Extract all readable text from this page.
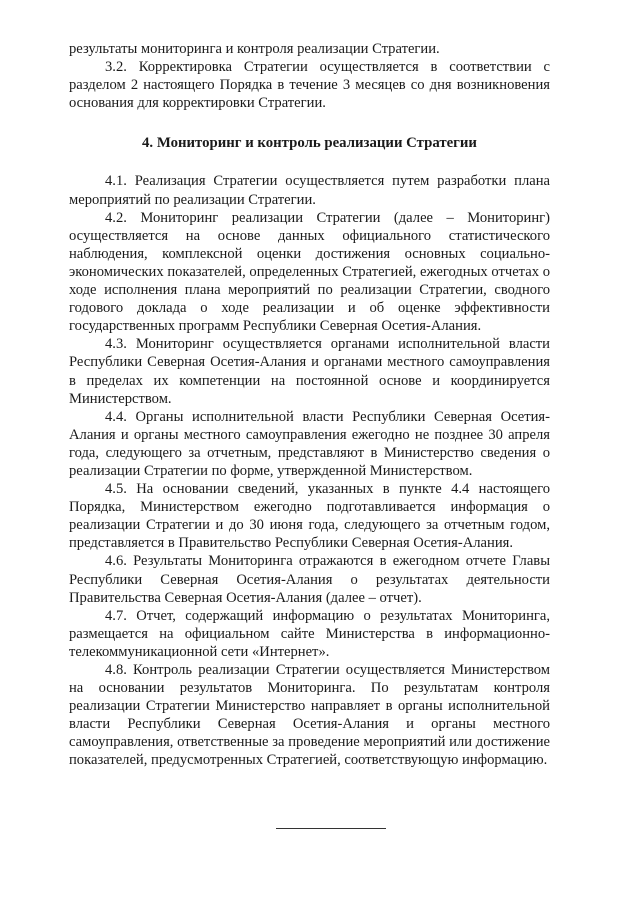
результаты мониторинга и контроля реализации Стратегии.

3.2. Корректировка Стратегии осуществляется в соответствии с разделом 2 настоящего Порядка в течение 3 месяцев со дня возникновения основания для корректировки Стратегии.

4. Мониторинг и контроль реализации Стратегии

4.1. Реализация Стратегии осуществляется путем разработки плана мероприятий по реализации Стратегии.

4.2. Мониторинг реализации Стратегии (далее – Мониторинг) осуществляется на основе данных официального статистического наблюдения, комплексной оценки достижения основных социально-экономических показателей, определенных Стратегией, ежегодных отчетах о ходе исполнения плана мероприятий по реализации Стратегии, сводного годового доклада о ходе реализации и об оценке эффективности государственных программ Республики Северная Осетия-Алания.

4.3. Мониторинг осуществляется органами исполнительной власти Республики Северная Осетия-Алания и органами местного самоуправления в пределах их компетенции на постоянной основе и координируется Министерством.

4.4. Органы исполнительной власти Республики Северная Осетия-Алания и органы местного самоуправления ежегодно не позднее 30 апреля года, следующего за отчетным, представляют в Министерство сведения о реализации Стратегии по форме, утвержденной Министерством.

4.5. На основании сведений, указанных в пункте 4.4 настоящего Порядка, Министерством ежегодно подготавливается информация о реализации Стратегии и до 30 июня года, следующего за отчетным годом, представляется в Правительство Республики Северная Осетия-Алания.

4.6. Результаты Мониторинга отражаются в ежегодном отчете Главы Республики Северная Осетия-Алания о результатах деятельности Правительства Северная Осетия-Алания (далее – отчет).

4.7. Отчет, содержащий информацию о результатах Мониторинга, размещается на официальном сайте Министерства в информационно-телекоммуникационной сети «Интернет».

4.8. Контроль реализации Стратегии осуществляется Министерством на основании результатов Мониторинга. По результатам контроля реализации Стратегии Министерство направляет в органы исполнительной власти Республики Северная Осетия-Алания и органы местного самоуправления, ответственные за проведение мероприятий или достижение показателей, предусмотренных Стратегией, соответствующую информацию.
